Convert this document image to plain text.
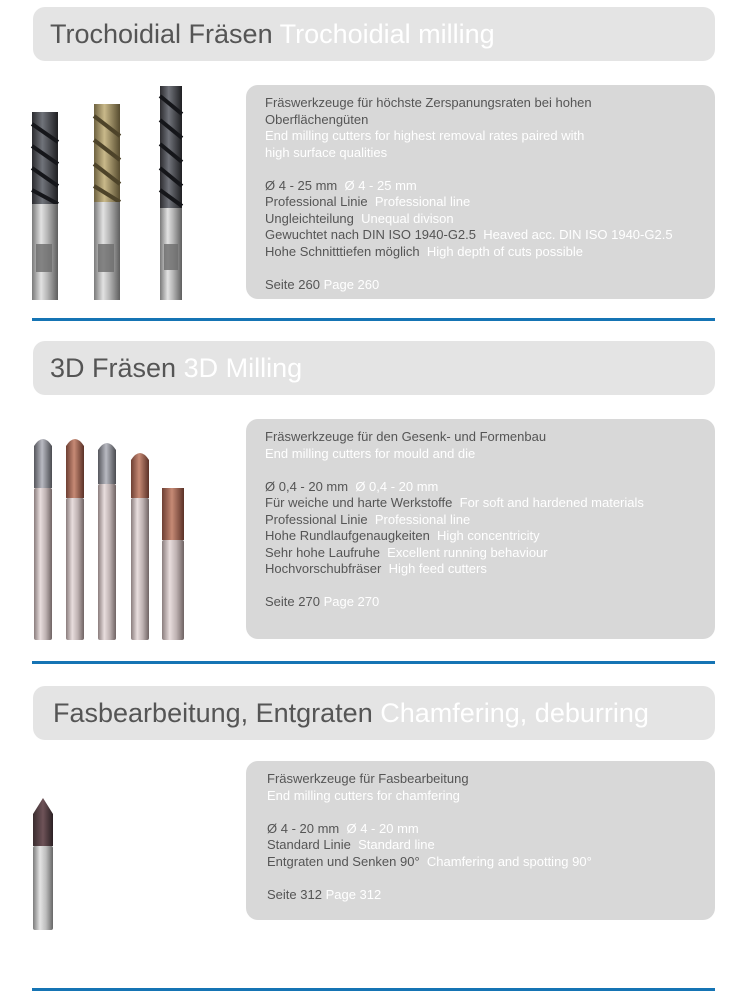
Trochoidial Fräsen Trochoidial milling
Fräswerkzeuge für höchste Zerspanungsraten bei hohen
Oberflächengüten
End milling cutters for highest removal rates paired with
high surface qualities
Ø 4 - 25 mm Ø 4 - 25 mm
Professional Linie Professional line
Ungleichteilung Unequal divison
Gewuchtet nach DIN ISO 1940-G2.5 Heaved acc. DIN ISO 1940-G2.5
Hohe Schnitttiefen möglich High depth of cuts possible
Seite 260 Page 260
3D Fräsen 3D Milling
Fräswerkzeuge für den Gesenk- und Formenbau
End milling cutters for mould and die
Ø 0,4 - 20 mm Ø 0,4 - 20 mm
Für weiche und harte Werkstoffe For soft and hardened materials
Professional Linie Professional line
Hohe Rundlaufgenaugkeiten High concentricity
Sehr hohe Laufruhe Excellent running behaviour
Hochvorschubfräser High feed cutters
Seite 270 Page 270
Fasbearbeitung, Entgraten Chamfering, deburring
Fräswerkzeuge für Fasbearbeitung
End milling cutters for chamfering
Ø 4 - 20 mm Ø 4 - 20 mm
Standard Linie Standard line
Entgraten und Senken 90° Chamfering and spotting 90°
Seite 312 Page 312
